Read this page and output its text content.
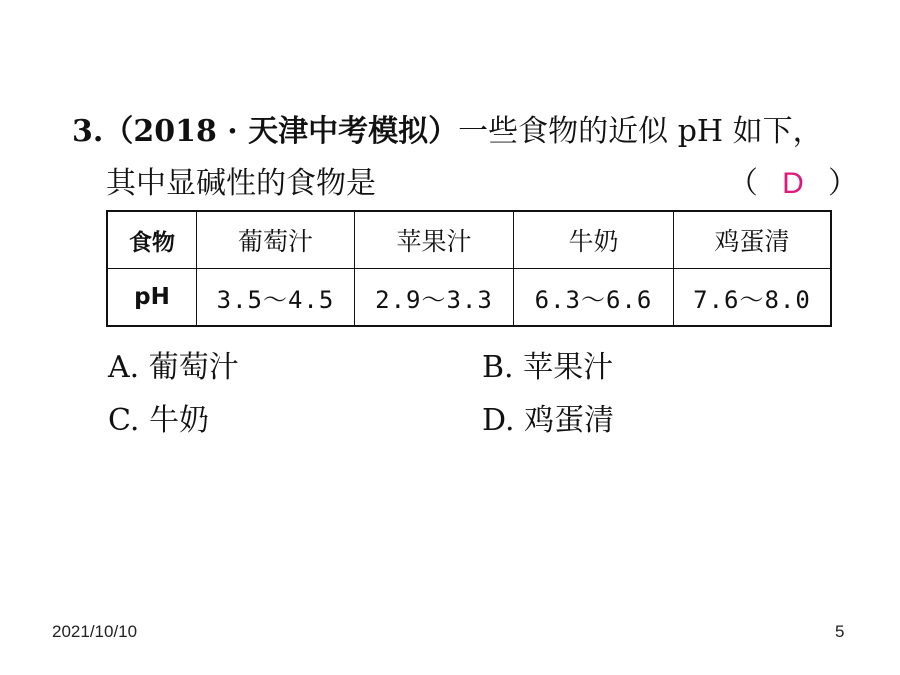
3.（2018 · 天津中考模拟）一些食物的近似 pH 如下，
其中显碱性的食物是	（ D ）
食物	葡萄汁	苹果汁	牛奶	鸡蛋清
pH	3.5～4.5	2.9～3.3	6.3～6.6	7.6～8.0
A. 葡萄汁	B. 苹果汁
C. 牛奶	D. 鸡蛋清
2021/10/10	5
